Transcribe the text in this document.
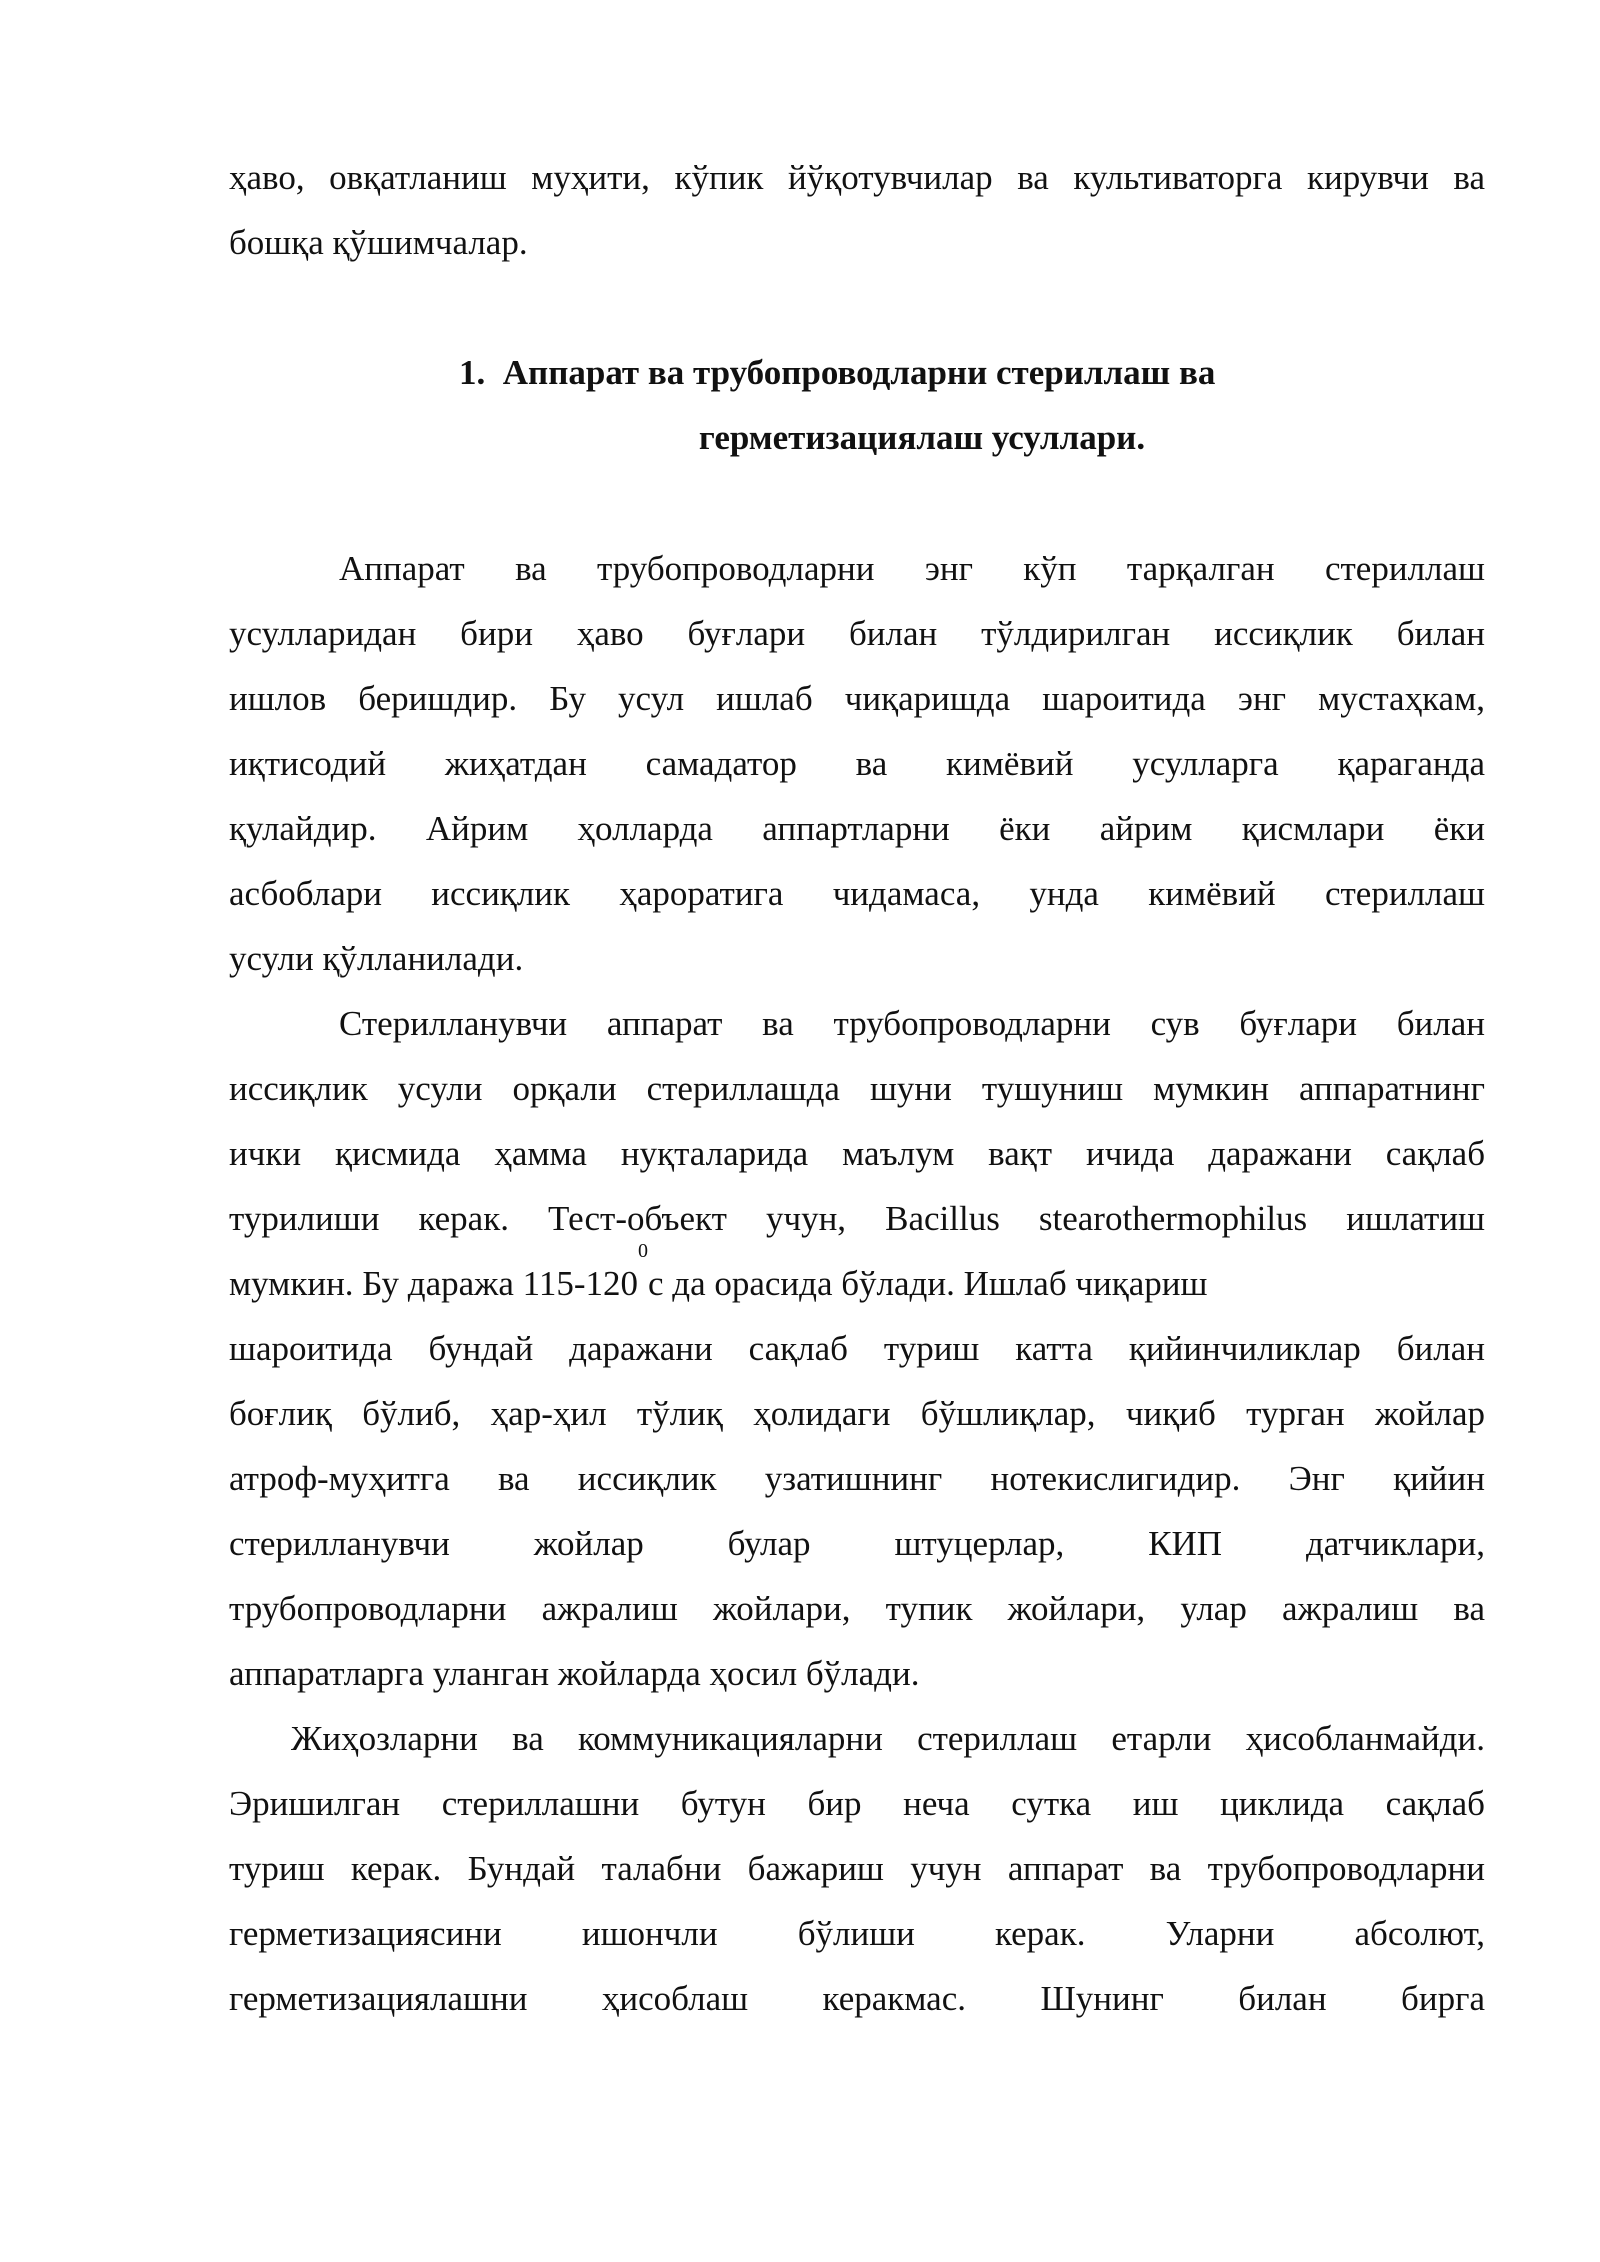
ҳаво, овқатланиш муҳити, кўпик йўқотувчилар ва культиваторга кирувчи ва
бошқа қўшимчалар.
1. Аппарат ва трубопроводларни стериллаш ва
герметизациялаш усуллари.
Аппарат ва трубопроводларни энг кўп тарқалган стериллаш
усулларидан бири ҳаво буғлари билан тўлдирилган иссиқлик билан
ишлов беришдир. Бу усул ишлаб чиқаришда шароитида энг мустаҳкам,
иқтисодий жиҳатдан самадатор ва кимёвий усулларга қараганда
қулайдир. Айрим ҳолларда аппартларни ёки айрим қисмлари ёки
асбоблари иссиқлик ҳароратига чидамаса, унда кимёвий стериллаш
усули қўлланилади.
Стерилланувчи аппарат ва трубопроводларни сув буғлари билан
иссиқлик усули орқали стериллашда шуни тушуниш мумкин аппаратнинг
ички қисмида ҳамма нуқталарида маълум вақт ичида даражани сақлаб
турилиши керак. Тест-объект учун, Bacillus stearothermophilus ишлатиш
мумкин. Бу даража 115-120
0
с да орасида бўлади. Ишлаб чиқариш
шароитида бундай даражани сақлаб туриш катта қийинчиликлар билан
боғлиқ бўлиб, ҳар-ҳил тўлиқ ҳолидаги бўшлиқлар, чиқиб турган жойлар
атроф-муҳитга ва иссиқлик узатишнинг нотекислигидир. Энг қийин
стерилланувчи жойлар булар штуцерлар, КИП датчиклари,
трубопроводларни ажралиш жойлари, тупик жойлари, улар ажралиш ва
аппаратларга уланган жойларда ҳосил бўлади.
Жиҳозларни ва коммуникацияларни стериллаш етарли ҳисобланмайди.
Эришилган стериллашни бутун бир неча сутка иш циклида сақлаб
туриш керак. Бундай талабни бажариш учун аппарат ва трубопроводларни
герметизациясини ишончли бўлиши керак. Уларни абсолют,
герметизациялашни ҳисоблаш керакмас. Шунинг билан бирга
